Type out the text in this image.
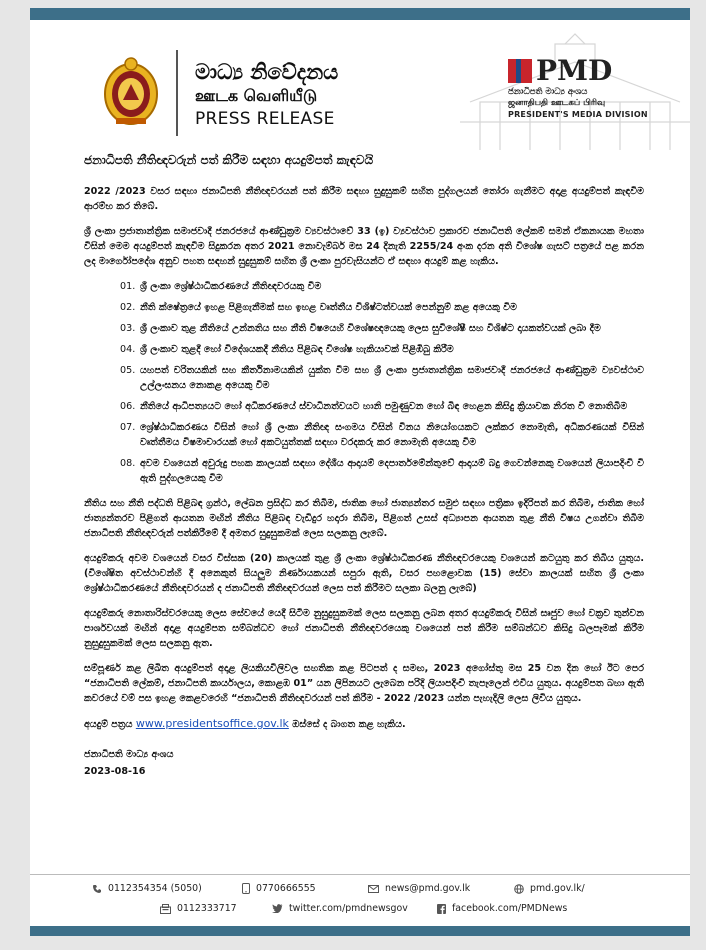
මාධ්‍ය නිවේදනය
ஊடக வெளியீடு
PRESS RELEASE
PMD
ජනාධිපති මාධ්‍ය අංශය
ஜனாதிபதி ஊடகப் பிரிவு
PRESIDENT'S MEDIA DIVISION
ජනාධිපති නීතිඥවරුන් පත් කිරීම සඳහා අයදුම්පත් කැඳවයි

2022 /2023 වසර සඳහා ජනාධිපති නීතිඥවරයන් පත් කිරීම සඳහා සුදුසුකම් සහිත පුද්ගලයන් තෝරා ගැනීමට අදාළ අයදුම්පත් කැඳවීම ආරම්භ කර තිබේ.

ශ්‍රී ලංකා ප්‍රජාතාන්ත්‍රික සමාජවාදී ජනරජයේ ආණ්ඩුක්‍රම ව්‍යවස්ථාවේ 33 (ඉ) ව්‍යවස්ථාව ප්‍රකාරව ජනාධිපති ලේකම් සමන් ඒකනායක මහතා විසින් මෙම අයදුම්පත් කැඳවීම සිදුකරන අතර 2021 නොවැම්බර් මස 24 දිනැති 2255/24 අංක දරන අති විශේෂ ගැසට් පත්‍රයේ පළ කරන ලද මාර්ගෝපදේශ අනුව පහත සඳහන් සුදුසුකම් සහිත ශ්‍රී ලංකා පුරවැසියන්ට ඒ සඳහා අයදුම් කළ හැකිය.

01. ශ්‍රී ලංකා ශ්‍රේෂ්ඨාධිකරණයේ නීතිඥවරයකු වීම
02. නීති ක්ෂේත්‍රයේ ඉහළ පිළිගැනීමක් සහ ඉහළ වෘත්තීය විශිෂ්ටත්වයක් පෙන්නුම් කළ අයෙකු වීම
03. ශ්‍රී ලංකාව තුළ නීතියේ උන්නතිය සහ නීති විෂයෙහි විශේෂඥයෙකු ලෙස සුවිශේෂී සහ විශිෂ්ට දායකත්වයක් ලබා දීම
04. ශ්‍රී ලංකාව තුළදී හෝ විදේශයකදී නීතිය පිළිබඳ විශේෂ හැකියාවක් පිළිඹිබු කිරීම
05. යහපත් චරිතයකින් සහ කීර්තිනාමයකින් යුක්ත වීම සහ ශ්‍රී ලංකා ප්‍රජාතාන්ත්‍රික සමාජවාදී ජනරජයේ ආණ්ඩුක්‍රම ව්‍යවස්ථාව උල්ලංඝනය නොකළ අයෙකු වීම
06. නීතියේ ආධිපත්‍යයට හෝ අධිකරණයේ ස්වාධීනත්වයට හානි පමුණුවන හෝ බිඳ හෙළන කිසිදු ක්‍රියාවක නිරත වී නොතිබීම
07. ශ්‍රේෂ්ඨාධිකරණය විසින් හෝ ශ්‍රී ලංකා නීතිඥ සංගමය විසින් විනය නියෝගයකට ලක්කර නොමැති, අධිකරණයක් විසින් වෘත්තීමය විෂමාචාරයක් හෝ අකටයුත්තක් සඳහා වරදකරු කර නොමැති අයෙකු වීම
08. අවම වශයෙන් අවුරුදු පහක කාලයක් සඳහා දේශීය ආදායම් දෙපාර්තමේන්තුවේ ආදායම් බදු ගෙවන්නෙකු වශයෙන් ලියාපදිංචි වී ඇති පුද්ගලයෙකු වීම

නීතිය සහ නීති පද්ධති පිළිබඳ ග්‍රන්ථ, ලේඛන ප්‍රසිද්ධ කර තිබීම, ජාතික හෝ ජාත්‍යන්තර සමුළු සඳහා පත්‍රිකා ඉදිරිපත් කර තිබීම, ජාතික හෝ ජාත්‍යන්තරව පිළිගත් ආයතන මඟින් නීතිය පිළිබඳ වැඩිදුර හදාරා තිබීම, පිළිගත් උසස් අධ්‍යාපන ආයතන තුළ නීති විෂය උගන්වා තිබීම ජනාධිපති නීතිඥවරුන් පත්කිරීමේ දී අමතර සුදුසුකමක් ලෙස සලකනු ලැබේ.

අයදුම්කරු අවම වශයෙන් වසර විස්සක (20) කාලයක් තුළ ශ්‍රී ලංකා ශ්‍රේෂ්ඨාධිකරණ නීතිඥවරයෙකු වශයෙන් කටයුතු කර තිබිය යුතුය. (විශේෂිත අවස්ථාවන්හි දී අනෙකුත් සියලුම නිර්ණායකයන් සපුරා ඇති, වසර පහළොවක (15) සේවා කාලයක් සහිත ශ්‍රී ලංකා ශ්‍රේෂ්ඨාධිකරණයේ නීතිඥවරයන් ද ජනාධිපති නීතිඥවරයන් ලෙස පත් කිරීමට සලකා බලනු ලැබේ)

අයදුම්කරු නොතාරිස්වරයෙකු ලෙස සේවයේ යෙදී සිටීම නුසුදුසුකමක් ලෙස සලකනු ලබන අතර අයදුම්කරු විසින් සෘජුව හෝ වක්‍රව තුන්වන පාර්ශවයක් මඟින් අදාළ අයදුම්පත සම්බන්ධව හෝ ජනාධිපති නීතිඥවරයෙකු වශයෙන් පත් කිරීම සම්බන්ධව කිසිදු බලපෑමක් කිරීම නුසුදුසුකමක් ලෙස සලකනු ඇත.

සම්පූර්ණ කළ ලිඛිත අයදුම්පත් අදාළ ලියකියවිලිවල සහතික කළ පිටපත් ද සමඟ, 2023 අගෝස්තු මස 25 වන දින හෝ ඊට පෙර “ජනාධිපති ලේකම්, ජනාධිපති කාර්යාලය, කොළඹ 01” යන ලිපිනයට ලැබෙන පරිදි ලියාපදිංචි තැපෑලෙන් එවිය යුතුය. අයදුම්පත බහා ඇති කවරයේ වම් පස ඉහළ කෙළවරෙහි “ජනාධිපති නීතිඥවරයන් පත් කිරීම - 2022 /2023 යන්න පැහැදිලි ලෙස ලිවිය යුතුය.

අයදුම් පත්‍රය www.presidentsoffice.gov.lk ඔස්සේ ද බාගත කළ හැකිය.

ජනාධිපති මාධ්‍ය අංශය
2023-08-16
0112354354 (5050)	0770666555	news@pmd.gov.lk	pmd.gov.lk/
0112333717	twitter.com/pmdnewsgov	facebook.com/PMDNews
